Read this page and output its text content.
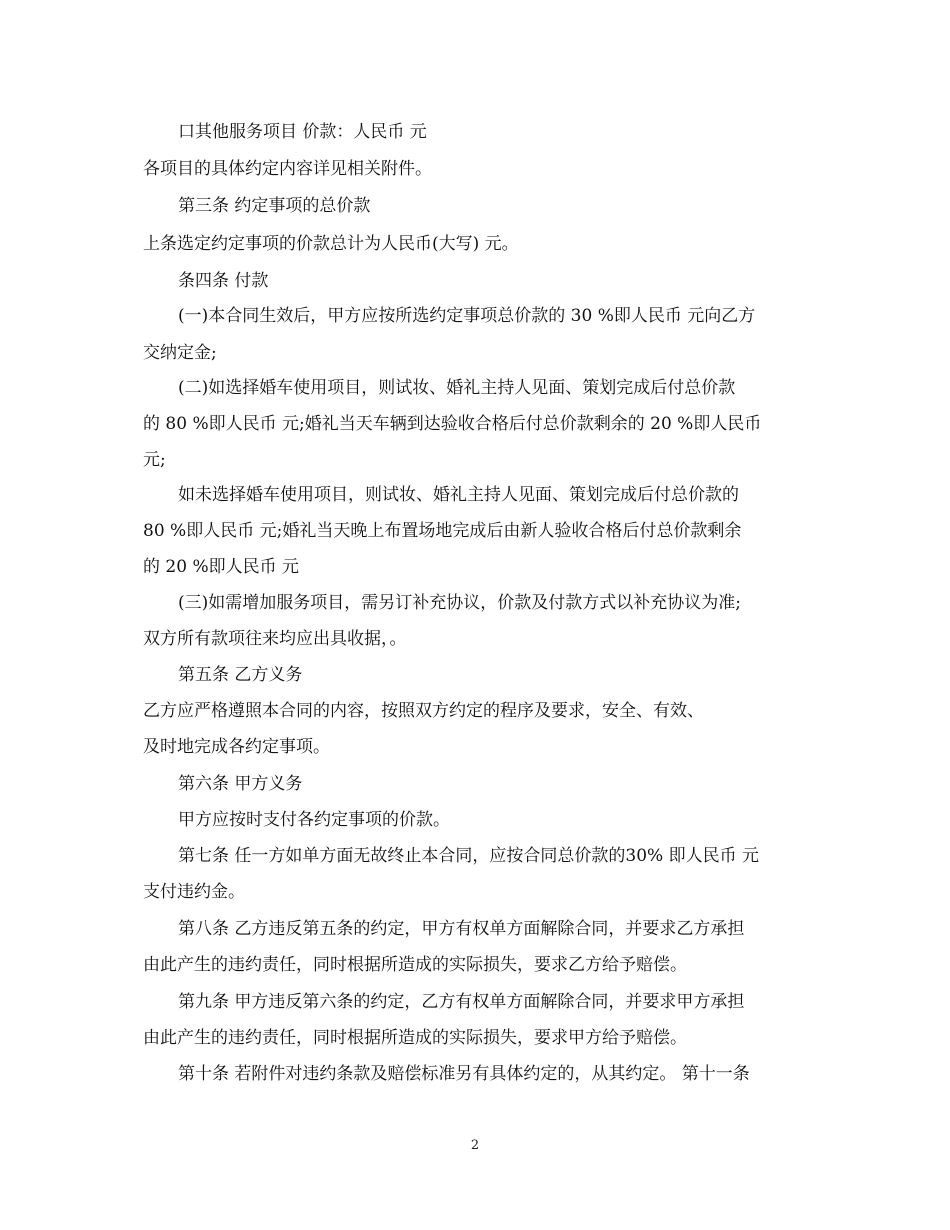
口其他服务项目 价款：人民币 元
各项目的具体约定内容详见相关附件。
第三条 约定事项的总价款
上条选定约定事项的价款总计为人民币(大写) 元。
条四条 付款
(一)本合同生效后，甲方应按所选约定事项总价款的 30 %即人民币 元向乙方
交纳定金;
(二)如选择婚车使用项目，则试妆、婚礼主持人见面、策划完成后付总价款
的 80 %即人民币 元;婚礼当天车辆到达验收合格后付总价款剩余的 20 %即人民币
元;
如未选择婚车使用项目，则试妆、婚礼主持人见面、策划完成后付总价款的
80 %即人民币 元;婚礼当天晚上布置场地完成后由新人验收合格后付总价款剩余
的 20 %即人民币 元
(三)如需增加服务项目，需另订补充协议，价款及付款方式以补充协议为准;
双方所有款项往来均应出具收据，。
第五条 乙方义务
乙方应严格遵照本合同的内容，按照双方约定的程序及要求，安全、有效、
及时地完成各约定事项。
第六条 甲方义务
甲方应按时支付各约定事项的价款。
第七条 任一方如单方面无故终止本合同，应按合同总价款的30% 即人民币 元
支付违约金。
第八条 乙方违反第五条的约定，甲方有权单方面解除合同，并要求乙方承担
由此产生的违约责任，同时根据所造成的实际损失，要求乙方给予赔偿。
第九条 甲方违反第六条的约定，乙方有权单方面解除合同，并要求甲方承担
由此产生的违约责任，同时根据所造成的实际损失，要求甲方给予赔偿。
第十条 若附件对违约条款及赔偿标准另有具体约定的，从其约定。 第十一条
2
